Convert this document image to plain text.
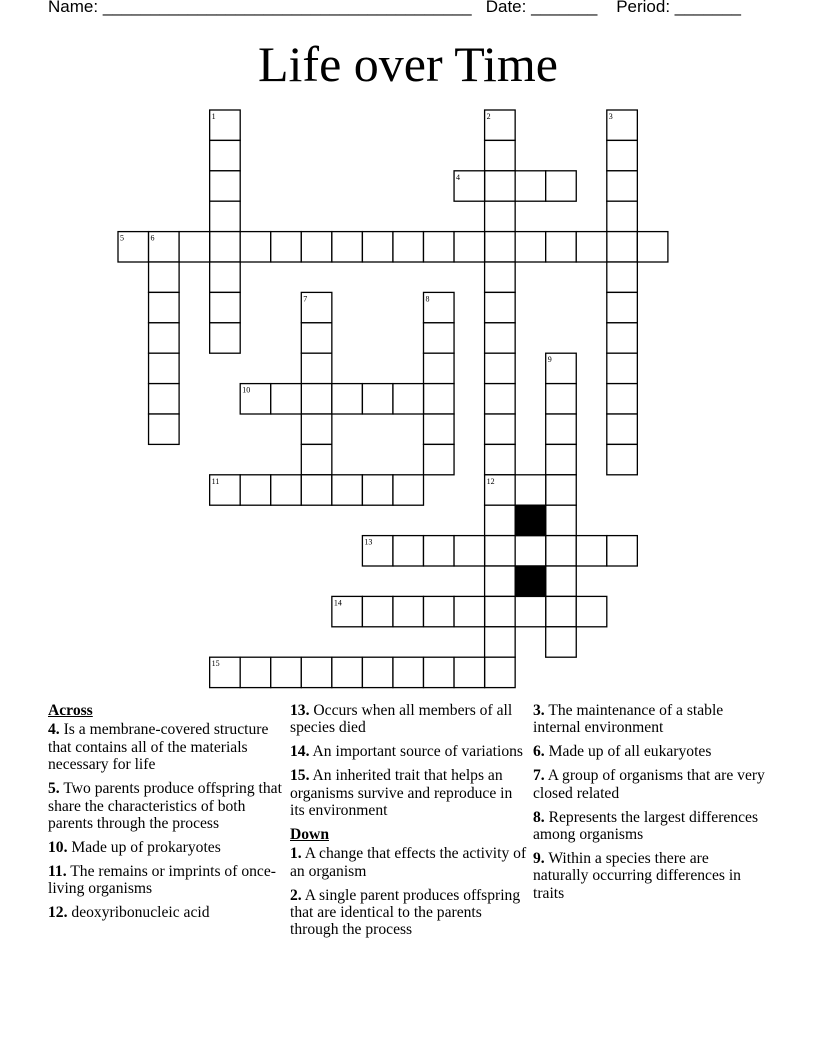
Name: _______________________________________ Date: _______ Period: _______
Life over Time
1	2	3
4
5	6
7	8
9
10
11	12
13
14
15
Across
4. Is a membrane-covered structure that contains all of the materials necessary for life
5. Two parents produce offspring that share the characteristics of both parents through the process
10. Made up of prokaryotes
11. The remains or imprints of once-living organisms
12. deoxyribonucleic acid
13. Occurs when all members of all species died
14. An important source of variations
15. An inherited trait that helps an organisms survive and reproduce in its environment
Down
1. A change that effects the activity of an organism
2. A single parent produces offspring that are identical to the parents through the process
3. The maintenance of a stable internal environment
6. Made up of all eukaryotes
7. A group of organisms that are very closed related
8. Represents the largest differences among organisms
9. Within a species there are naturally occurring differences in traits
